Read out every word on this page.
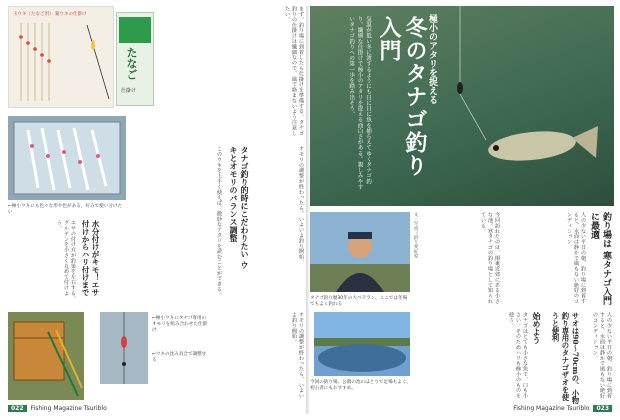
玉ウキ（たなご用） 親ウキの仕掛け
たなご
仕掛け	まず、釣り場に到着したら仕掛けを準備する。タナゴ釣りの仕掛けは繊細なので、風で絡まないよう注意したい。
←極小ウキにも色々な形や色がある。好みで使い分けたい	タナゴ釣り的時にこだわりたい ウキとオモリのバランス調整
このウキを上手く使えば、微妙なアタリを読むことができる。	オモリの調整が終わったら、いよいよ釣り開始。
水分付けがキモ！エサ付けからハリ付けまで
エサの付け方が釣果を左右する。グルテンを小さく丸めて付けよう。
←極小ウキにタナゴ専用のオモリを組み合わせた仕掛け
←ウキの沈み具合で調整する	オモリの調整が終わったら、いよいよ釣り開始。
022	Fishing Magazine Tsuriblo
極小のアタリを捉える
冬のタナゴ釣り入門
気温が低い冬に渡するようにも日に日に魚を捕らえてゆくタナゴ釣り。繊細な仕掛けで極小のアタリを捉える面白さがある。親しみやすいタナゴ釣りへの第一歩を踏み出そう。
タナゴ釣り歴30年の大ベテラン。ここでは冬場でもよく釣れる
今回の釣り場。公園の池のほとりで足場もよく、初心者にもおすすめ。
文・写真＝釣り愛好家	今回訪れたのは、関東近郊にある小さな池。寒タナゴの釣り場として知られている。	釣り場は 寒タナゴ入門に最適
人の少ない平日の朝、釣り場に到着すると、水面は静かで風もない絶好のコンディション。
サオは90〜70cmの、小物釣り専用のタナゴザオを使うと便利
始めよう
タナゴはとても小さな魚で、口も小さい。そのためハリも極小のものを使う。	人の少ない平日の朝、釣り場に到着すると、水面は静かで風もない絶好のコンディション。
Fishing Magazine Tsuriblo	023
